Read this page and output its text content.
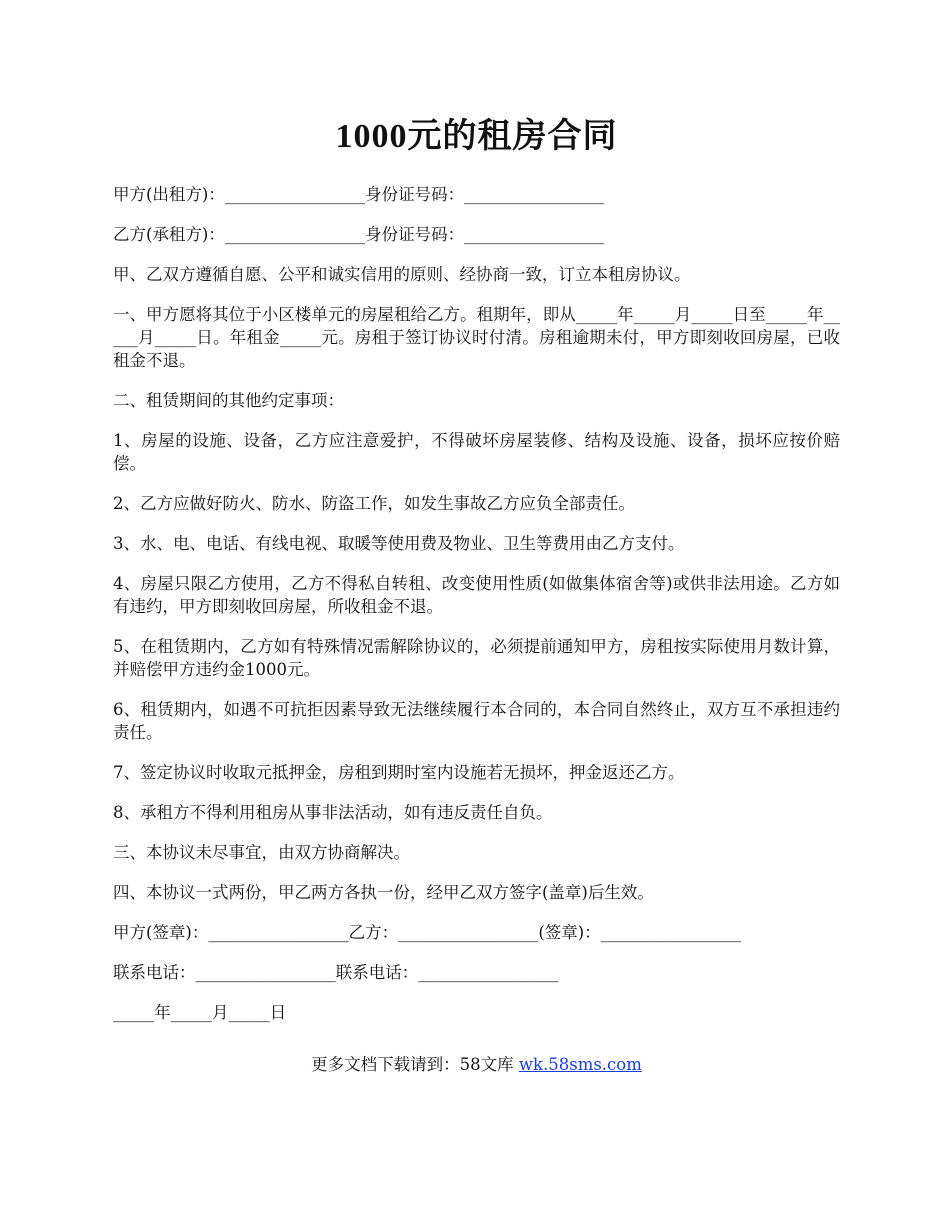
1000元的租房合同

甲方(出租方)：_________________身份证号码：_________________

乙方(承租方)：_________________身份证号码：_________________

甲、乙双方遵循自愿、公平和诚实信用的原则、经协商一致，订立本租房协议。

一、甲方愿将其位于小区楼单元的房屋租给乙方。租期年，即从_____年_____月_____日至_____年_____月_____日。年租金_____元。房租于签订协议时付清。房租逾期未付，甲方即刻收回房屋，已收租金不退。

二、租赁期间的其他约定事项：

1、房屋的设施、设备，乙方应注意爱护，不得破坏房屋装修、结构及设施、设备，损坏应按价赔偿。

2、乙方应做好防火、防水、防盗工作，如发生事故乙方应负全部责任。

3、水、电、电话、有线电视、取暖等使用费及物业、卫生等费用由乙方支付。

4、房屋只限乙方使用，乙方不得私自转租、改变使用性质(如做集体宿舍等)或供非法用途。乙方如有违约，甲方即刻收回房屋，所收租金不退。

5、在租赁期内，乙方如有特殊情况需解除协议的，必须提前通知甲方，房租按实际使用月数计算，并赔偿甲方违约金1000元。

6、租赁期内，如遇不可抗拒因素导致无法继续履行本合同的，本合同自然终止，双方互不承担违约责任。

7、签定协议时收取元抵押金，房租到期时室内设施若无损坏，押金返还乙方。

8、承租方不得利用租房从事非法活动，如有违反责任自负。

三、本协议未尽事宜，由双方协商解决。

四、本协议一式两份，甲乙两方各执一份，经甲乙双方签字(盖章)后生效。

甲方(签章)：_________________乙方：_________________(签章)：_________________

联系电话：_________________联系电话：_________________

_____年_____月_____日

更多文档下载请到：58文库 wk.58sms.com
